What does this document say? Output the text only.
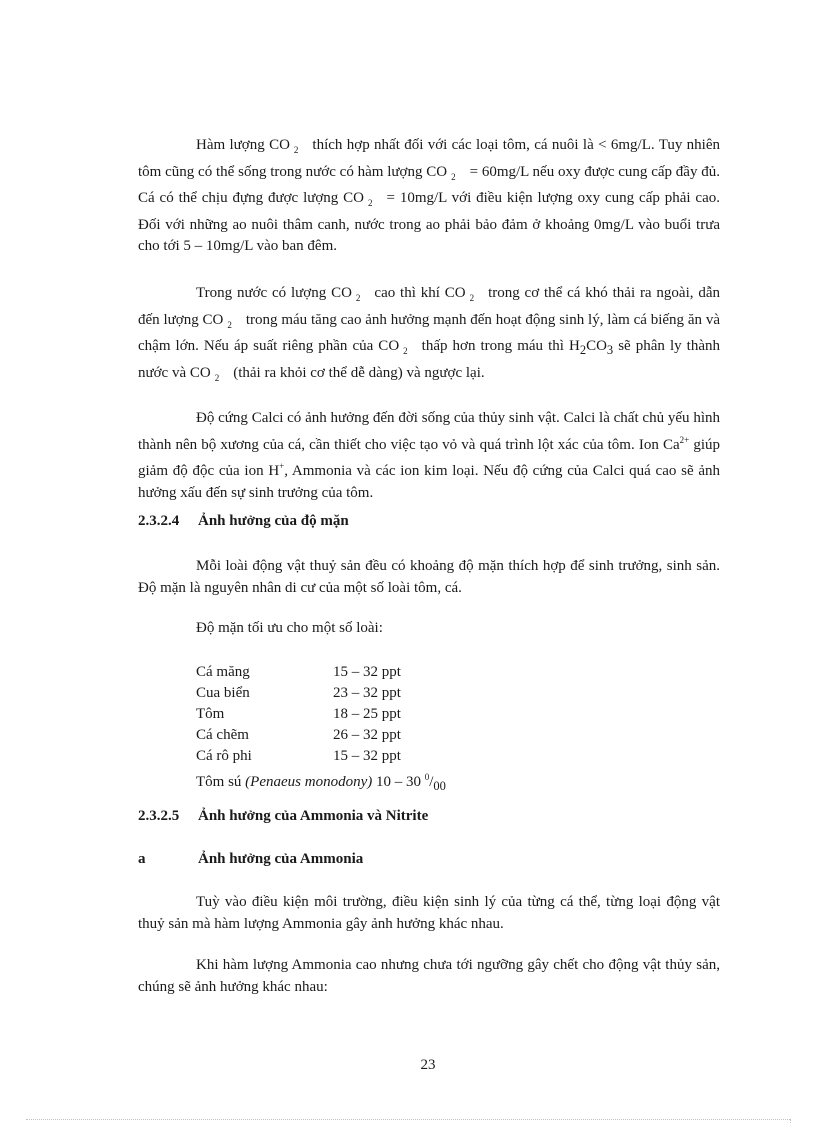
Hàm lượng CO $_2$ thích hợp nhất đối với các loại tôm, cá nuôi là < 6mg/L. Tuy nhiên tôm cũng có thể sống trong nước có hàm lượng CO $_2$ = 60mg/L nếu oxy được cung cấp đầy đủ. Cá có thể chịu đựng được lượng CO $_2$ = 10mg/L với điều kiện lượng oxy cung cấp phải cao. Đối với những ao nuôi thâm canh, nước trong ao phải bảo đảm ở khoảng 0mg/L vào buổi trưa cho tới 5 – 10mg/L vào ban đêm.

Trong nước có lượng CO $_2$ cao thì khí CO $_2$ trong cơ thể cá khó thải ra ngoài, dẫn đến lượng CO $_2$ trong máu tăng cao ảnh hưởng mạnh đến hoạt động sinh lý, làm cá biếng ăn và chậm lớn. Nếu áp suất riêng phần của CO $_2$ thấp hơn trong máu thì $H_2CO_3$ sẽ phân ly thành nước và CO $_2$ (thải ra khỏi cơ thể dễ dàng) và ngược lại.

Độ cứng Calci có ảnh hưởng đến đời sống của thủy sinh vật. Calci là chất chủ yếu hình thành nên bộ xương của cá, cần thiết cho việc tạo vỏ và quá trình lột xác của tôm. Ion $Ca^{2+}$ giúp giảm độ độc của ion H+, Ammonia và các ion kim loại. Nếu độ cứng của Calci quá cao sẽ ảnh hưởng xấu đến sự sinh trưởng của tôm.

2.3.2.4 Ảnh hưởng của độ mặn

Mỗi loài động vật thuỷ sản đều có khoảng độ mặn thích hợp để sinh trưởng, sinh sản. Độ mặn là nguyên nhân di cư của một số loài tôm, cá.

Độ mặn tối ưu cho một số loài:
Cá măng	15 – 32 ppt
Cua biển	23 – 32 ppt
Tôm	18 – 25 ppt
Cá chẽm	26 – 32 ppt
Cá rô phi	15 – 32 ppt
Tôm sú (Penaeus monodony) 10 – 30 $^0/_{00}$
2.3.2.5 Ảnh hưởng của Ammonia và Nitrite
a	Ảnh hưởng của Ammonia

Tuỳ vào điều kiện môi trường, điều kiện sinh lý của từng cá thể, từng loại động vật thuỷ sản mà hàm lượng Ammonia gây ảnh hưởng khác nhau.

Khi hàm lượng Ammonia cao nhưng chưa tới ngưỡng gây chết cho động vật thủy sản, chúng sẽ ảnh hưởng khác nhau:

23
